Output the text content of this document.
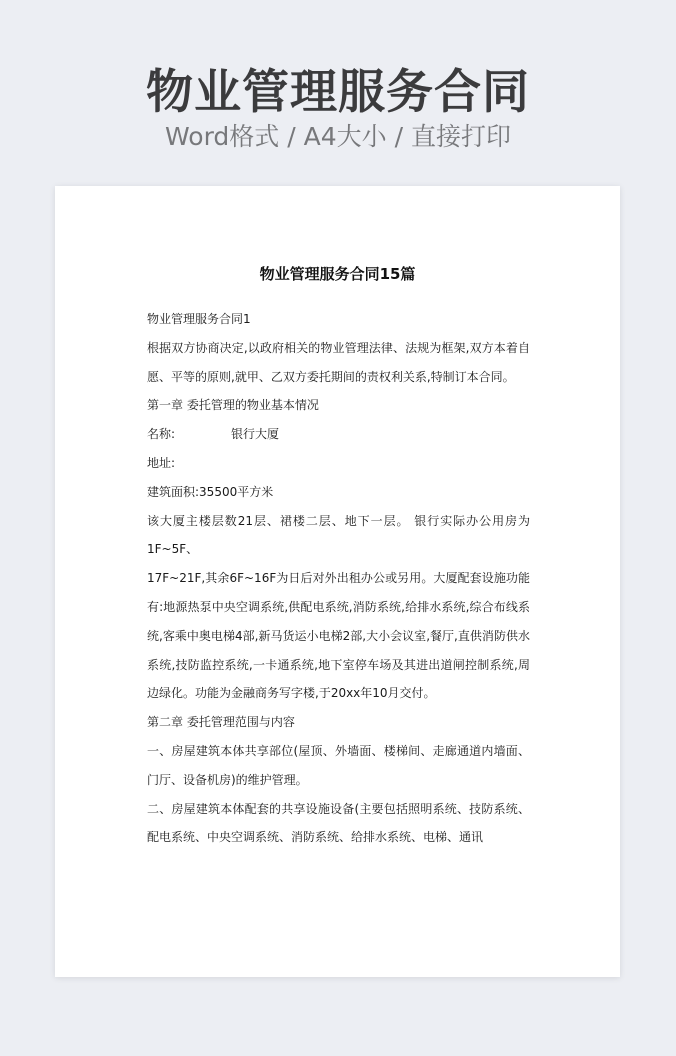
物业管理服务合同
Word格式 / A4大小 / 直接打印
物业管理服务合同15篇

物业管理服务合同1

根据双方协商决定,以政府相关的物业管理法律、法规为框架,双方本着自愿、平等的原则,就甲、乙双方委托期间的责权利关系,特制订本合同。

第一章 委托管理的物业基本情况

名称:	银行大厦

地址:

建筑面积:35500平方米

该大厦主楼层数21层、裙楼二层、地下一层。 银行实际办公用房为1F~5F、

17F~21F,其余6F~16F为日后对外出租办公或另用。大厦配套设施功能有:地源热泵中央空调系统,供配电系统,消防系统,给排水系统,综合布线系统,客乘中奥电梯4部,新马货运小电梯2部,大小会议室,餐厅,直供消防供水系统,技防监控系统,一卡通系统,地下室停车场及其进出道闸控制系统,周边绿化。功能为金融商务写字楼,于20xx年10月交付。

第二章 委托管理范围与内容

一、房屋建筑本体共享部位(屋顶、外墙面、楼梯间、走廊通道内墙面、门厅、设备机房)的维护管理。

二、房屋建筑本体配套的共享设施设备(主要包括照明系统、技防系统、配电系统、中央空调系统、消防系统、给排水系统、电梯、通讯
